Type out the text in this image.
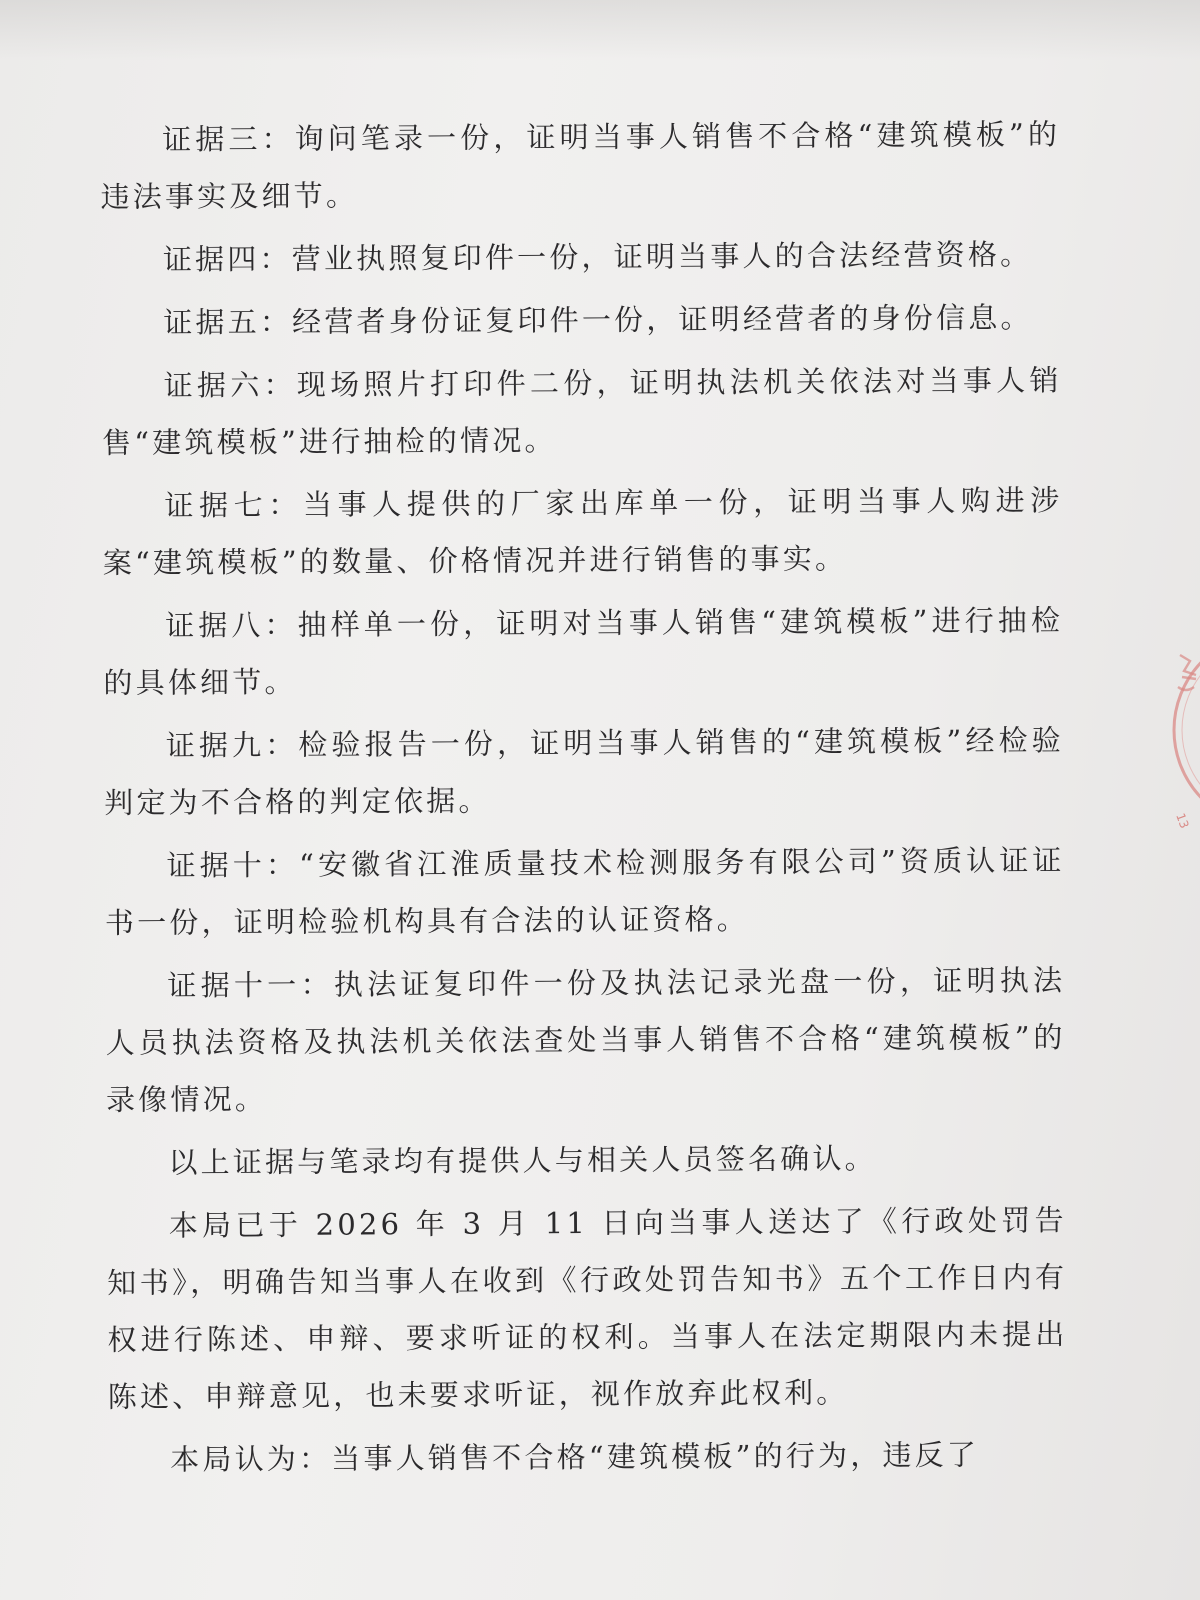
证据三：询问笔录一份，证明当事人销售不合格“建筑模板”的违法事实及细节。

证据四：营业执照复印件一份，证明当事人的合法经营资格。

证据五：经营者身份证复印件一份，证明经营者的身份信息。

证据六：现场照片打印件二份，证明执法机关依法对当事人销售“建筑模板”进行抽检的情况。

证据七：当事人提供的厂家出库单一份，证明当事人购进涉案“建筑模板”的数量、价格情况并进行销售的事实。

证据八：抽样单一份，证明对当事人销售“建筑模板”进行抽检的具体细节。

证据九：检验报告一份，证明当事人销售的“建筑模板”经检验判定为不合格的判定依据。

证据十：“安徽省江淮质量技术检测服务有限公司”资质认证证书一份，证明检验机构具有合法的认证资格。

证据十一：执法证复印件一份及执法记录光盘一份，证明执法人员执法资格及执法机关依法查处当事人销售不合格“建筑模板”的录像情况。

以上证据与笔录均有提供人与相关人员签名确认。

本局已于 2026 年 3 月 11 日向当事人送达了《行政处罚告知书》，明确告知当事人在收到《行政处罚告知书》五个工作日内有权进行陈述、申辩、要求听证的权利。当事人在法定期限内未提出陈述、申辩意见，也未要求听证，视作放弃此权利。

本局认为：当事人销售不合格“建筑模板”的行为，违反了

13
